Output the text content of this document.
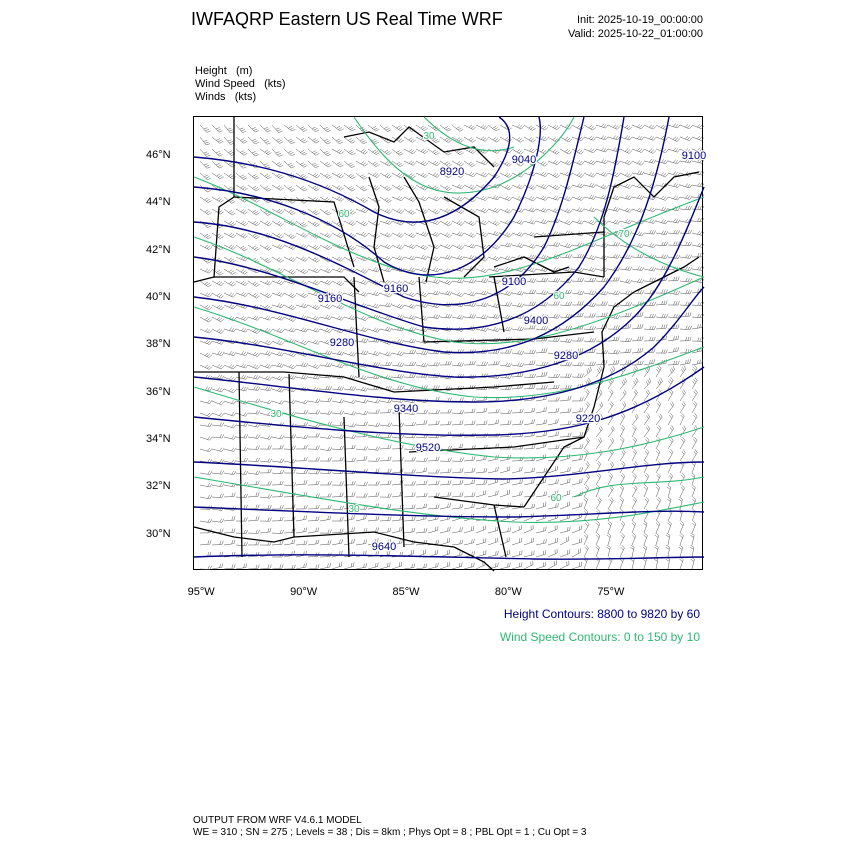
IWFAQRP Eastern US Real Time WRF	Init: 2025-10-19_00:00:00
Valid: 2025-10-22_01:00:00
Height   (m)
Wind Speed   (kts)
Winds   (kts)
8920
9040
9100
9160
9160
9280
9340
9520
9640
9400
9220
9280
9100
30
60
70
30
60
60
30
46°N
44°N
42°N
40°N
38°N
36°N
34°N
32°N
30°N
95°W	90°W	85°W	80°W	75°W
Height Contours: 8800 to 9820 by 60
Wind Speed Contours: 0 to 150 by 10
OUTPUT FROM WRF V4.6.1 MODEL
WE = 310 ; SN = 275 ; Levels = 38 ; Dis = 8km ; Phys Opt = 8 ; PBL Opt = 1 ; Cu Opt = 3
